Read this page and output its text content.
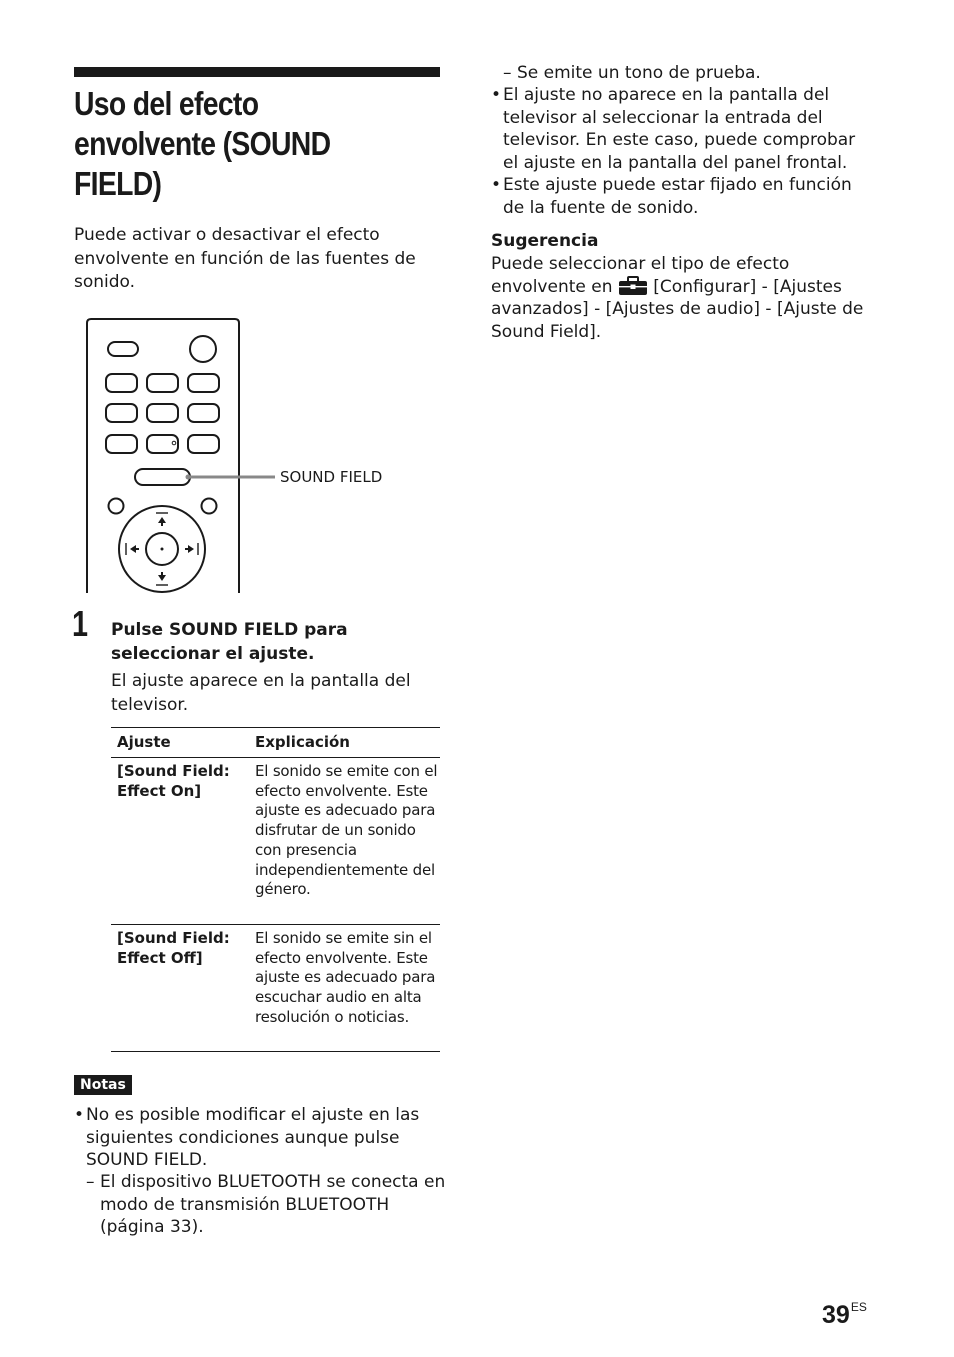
Uso del efecto
envolvente (SOUND
FIELD)
Puede activar o desactivar el efecto envolvente en función de las fuentes de sonido.
SOUND FIELD
1 Pulse SOUND FIELD para seleccionar el ajuste.
El ajuste aparece en la pantalla del televisor.
Ajuste	Explicación
[Sound Field: Effect On]
El sonido se emite con el efecto envolvente. Este ajuste es adecuado para disfrutar de un sonido con presencia independientemente del género.
[Sound Field: Effect Off]
El sonido se emite sin el efecto envolvente. Este ajuste es adecuado para escuchar audio en alta resolución o noticias.
Notas
• No es posible modificar el ajuste en las siguientes condiciones aunque pulse SOUND FIELD.
– El dispositivo BLUETOOTH se conecta en modo de transmisión BLUETOOTH (página 33).
– Se emite un tono de prueba.
• El ajuste no aparece en la pantalla del televisor al seleccionar la entrada del televisor. En este caso, puede comprobar el ajuste en la pantalla del panel frontal.
• Este ajuste puede estar fijado en función de la fuente de sonido.
Sugerencia
Puede seleccionar el tipo de efecto envolvente en [Configurar] - [Ajustes avanzados] - [Ajustes de audio] - [Ajuste de Sound Field].
$39^{ES}$
